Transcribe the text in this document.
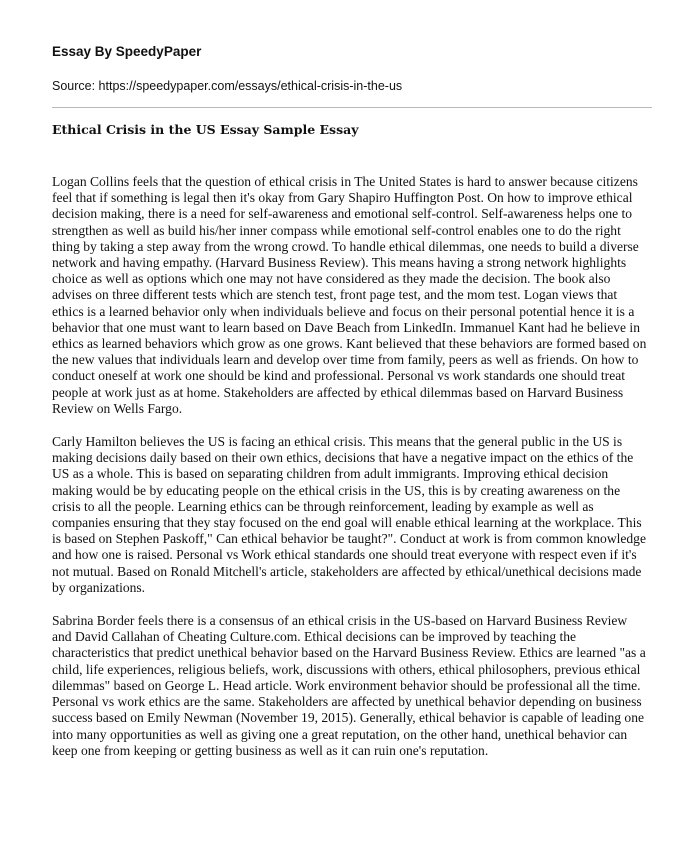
Essay By SpeedyPaper
Source: https://speedypaper.com/essays/ethical-crisis-in-the-us
Ethical Crisis in the US Essay Sample Essay

Logan Collins feels that the question of ethical crisis in The United States is hard to answer because citizens feel that if something is legal then it's okay from Gary Shapiro Huffington Post. On how to improve ethical decision making, there is a need for self-awareness and emotional self-control. Self-awareness helps one to strengthen as well as build his/her inner compass while emotional self-control enables one to do the right thing by taking a step away from the wrong crowd. To handle ethical dilemmas, one needs to build a diverse network and having empathy. (Harvard Business Review). This means having a strong network highlights choice as well as options which one may not have considered as they made the decision. The book also advises on three different tests which are stench test, front page test, and the mom test. Logan views that ethics is a learned behavior only when individuals believe and focus on their personal potential hence it is a behavior that one must want to learn based on Dave Beach from LinkedIn. Immanuel Kant had he believe in ethics as learned behaviors which grow as one grows. Kant believed that these behaviors are formed based on the new values that individuals learn and develop over time from family, peers as well as friends. On how to conduct oneself at work one should be kind and professional. Personal vs work standards one should treat people at work just as at home. Stakeholders are affected by ethical dilemmas based on Harvard Business Review on Wells Fargo.

Carly Hamilton believes the US is facing an ethical crisis. This means that the general public in the US is making decisions daily based on their own ethics, decisions that have a negative impact on the ethics of the US as a whole. This is based on separating children from adult immigrants. Improving ethical decision making would be by educating people on the ethical crisis in the US, this is by creating awareness on the crisis to all the people. Learning ethics can be through reinforcement, leading by example as well as companies ensuring that they stay focused on the end goal will enable ethical learning at the workplace. This is based on Stephen Paskoff," Can ethical behavior be taught?". Conduct at work is from common knowledge and how one is raised. Personal vs Work ethical standards one should treat everyone with respect even if it's not mutual. Based on Ronald Mitchell's article, stakeholders are affected by ethical/unethical decisions made by organizations.

Sabrina Border feels there is a consensus of an ethical crisis in the US-based on Harvard Business Review and David Callahan of Cheating Culture.com. Ethical decisions can be improved by teaching the characteristics that predict unethical behavior based on the Harvard Business Review. Ethics are learned "as a child, life experiences, religious beliefs, work, discussions with others, ethical philosophers, previous ethical dilemmas" based on George L. Head article. Work environment behavior should be professional all the time. Personal vs work ethics are the same. Stakeholders are affected by unethical behavior depending on business success based on Emily Newman (November 19, 2015). Generally, ethical behavior is capable of leading one into many opportunities as well as giving one a great reputation, on the other hand, unethical behavior can keep one from keeping or getting business as well as it can ruin one's reputation.
